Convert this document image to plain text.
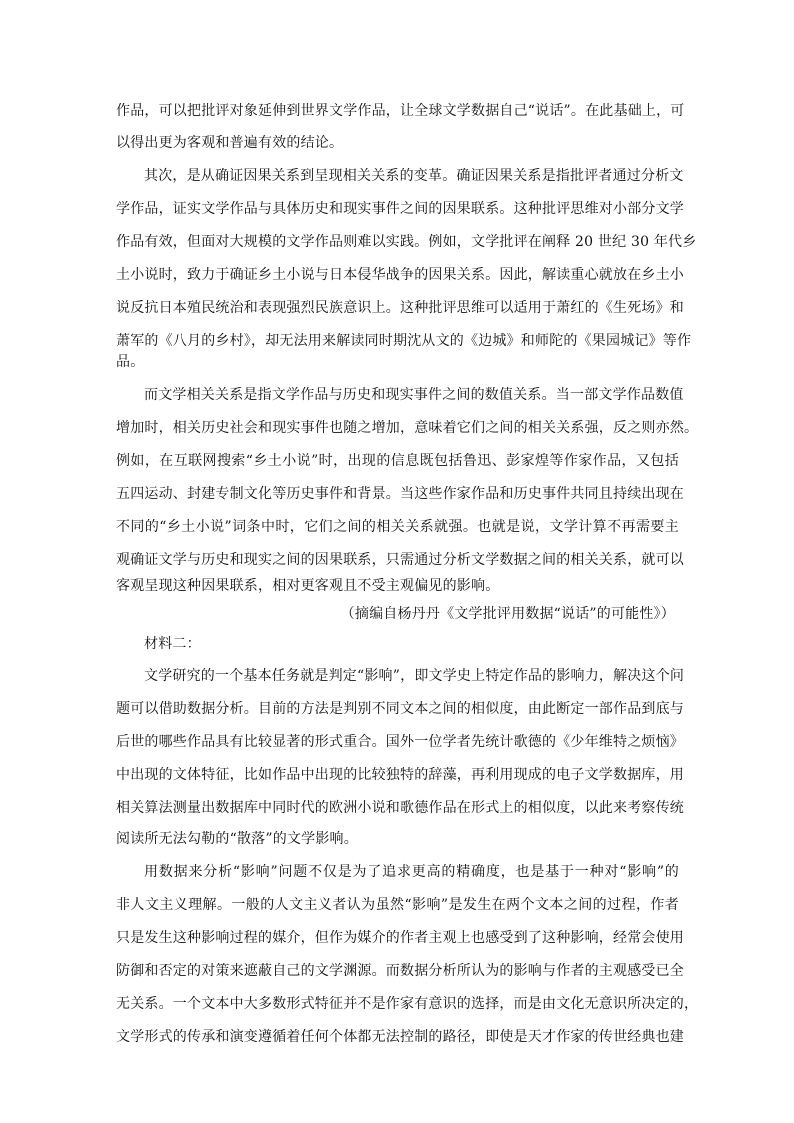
作品，可以把批评对象延伸到世界文学作品，让全球文学数据自己“说话”。在此基础上，可
以得出更为客观和普遍有效的结论。
其次，是从确证因果关系到呈现相关关系的变革。确证因果关系是指批评者通过分析文
学作品，证实文学作品与具体历史和现实事件之间的因果联系。这种批评思维对小部分文学
作品有效，但面对大规模的文学作品则难以实践。例如，文学批评在阐释 20 世纪 30 年代乡
土小说时，致力于确证乡土小说与日本侵华战争的因果关系。因此，解读重心就放在乡土小
说反抗日本殖民统治和表现强烈民族意识上。这种批评思维可以适用于萧红的《生死场》和
萧军的《八月的乡村》，却无法用来解读同时期沈从文的《边城》和师陀的《果园城记》等作
品。
而文学相关关系是指文学作品与历史和现实事件之间的数值关系。当一部文学作品数值
增加时，相关历史社会和现实事件也随之增加，意味着它们之间的相关关系强，反之则亦然。
例如，在互联网搜索“乡土小说”时，出现的信息既包括鲁迅、彭家煌等作家作品，又包括
五四运动、封建专制文化等历史事件和背景。当这些作家作品和历史事件共同且持续出现在
不同的“乡土小说”词条中时，它们之间的相关关系就强。也就是说，文学计算不再需要主
观确证文学与历史和现实之间的因果联系，只需通过分析文学数据之间的相关关系，就可以
客观呈现这种因果联系，相对更客观且不受主观偏见的影响。
（摘编自杨丹丹《文学批评用数据“说话”的可能性》）
材料二：
文学研究的一个基本任务就是判定“影响”，即文学史上特定作品的影响力，解决这个问
题可以借助数据分析。目前的方法是判别不同文本之间的相似度，由此断定一部作品到底与
后世的哪些作品具有比较显著的形式重合。国外一位学者先统计歌德的《少年维特之烦恼》
中出现的文体特征，比如作品中出现的比较独特的辞藻，再利用现成的电子文学数据库，用
相关算法测量出数据库中同时代的欧洲小说和歌德作品在形式上的相似度，以此来考察传统
阅读所无法勾勒的“散落”的文学影响。
用数据来分析“影响”问题不仅是为了追求更高的精确度，也是基于一种对“影响”的
非人文主义理解。一般的人文主义者认为虽然“影响”是发生在两个文本之间的过程，作者
只是发生这种影响过程的媒介，但作为媒介的作者主观上也感受到了这种影响，经常会使用
防御和否定的对策来遮蔽自己的文学渊源。而数据分析所认为的影响与作者的主观感受已全
无关系。一个文本中大多数形式特征并不是作家有意识的选择，而是由文化无意识所决定的，
文学形式的传承和演变遵循着任何个体都无法控制的路径，即使是天才作家的传世经典也建
